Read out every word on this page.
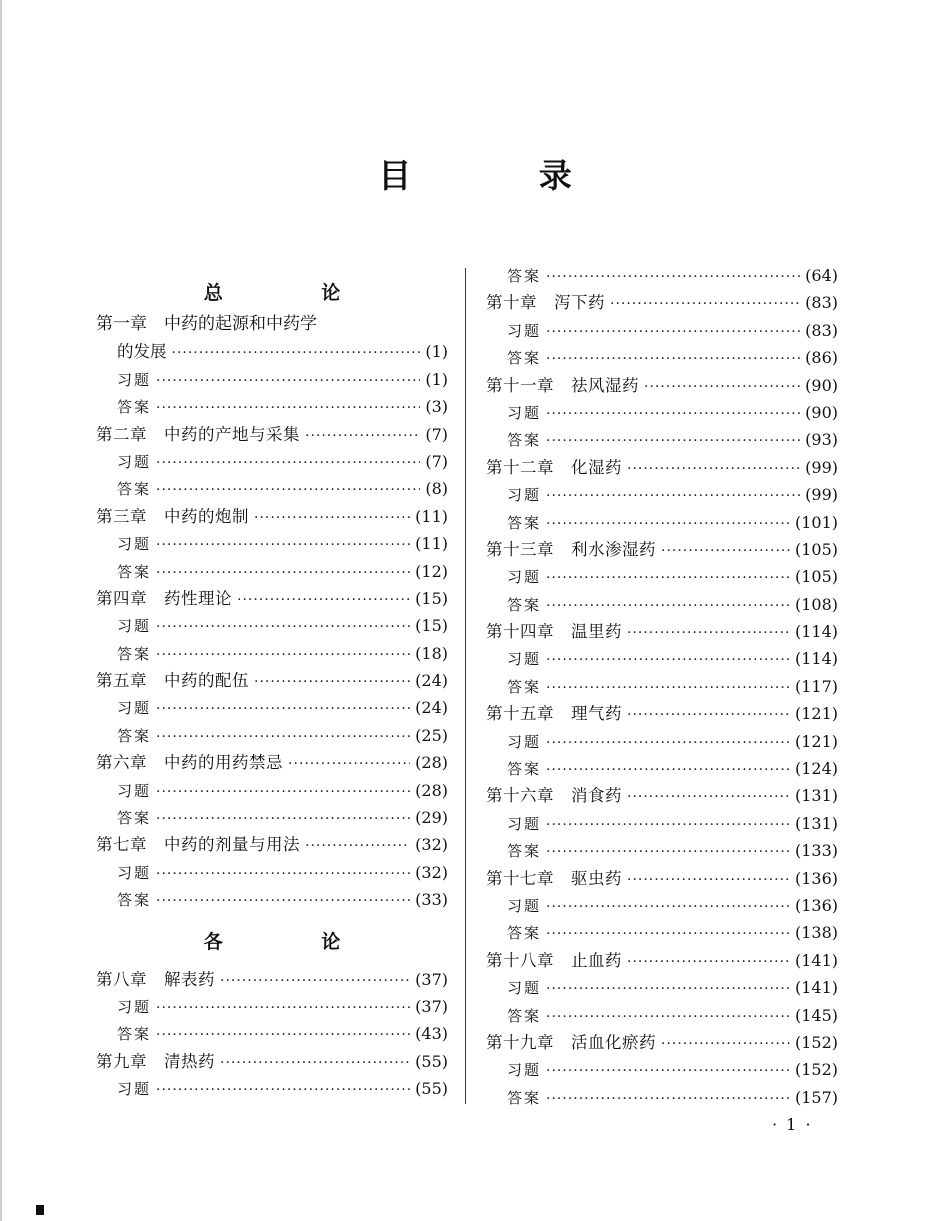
目 录
总 论
第一章　中药的起源和中药学
的发展 ·····	(1)
习题 ·····	(1)
答案 ·····	(3)
第二章　中药的产地与采集 ·····	(7)
习题 ·····	(7)
答案 ·····	(8)
第三章　中药的炮制 ·····	(11)
习题 ·····	(11)
答案 ·····	(12)
第四章　药性理论 ·····	(15)
习题 ·····	(15)
答案 ·····	(18)
第五章　中药的配伍 ·····	(24)
习题 ·····	(24)
答案 ·····	(25)
第六章　中药的用药禁忌 ·····	(28)
习题 ·····	(28)
答案 ·····	(29)
第七章　中药的剂量与用法 ·····	(32)
习题 ·····	(32)
答案 ·····	(33)
各 论
第八章　解表药 ·····	(37)
习题 ·····	(37)
答案 ·····	(43)
第九章　清热药 ·····	(55)
习题 ·····	(55)
答案 ·····	(64)
第十章　泻下药 ·····	(83)
习题 ·····	(83)
答案 ·····	(86)
第十一章　祛风湿药 ·····	(90)
习题 ·····	(90)
答案 ·····	(93)
第十二章　化湿药 ·····	(99)
习题 ·····	(99)
答案 ·····	(101)
第十三章　利水渗湿药 ·····	(105)
习题 ·····	(105)
答案 ·····	(108)
第十四章　温里药 ·····	(114)
习题 ·····	(114)
答案 ·····	(117)
第十五章　理气药 ·····	(121)
习题 ·····	(121)
答案 ·····	(124)
第十六章　消食药 ·····	(131)
习题 ·····	(131)
答案 ·····	(133)
第十七章　驱虫药 ·····	(136)
习题 ·····	(136)
答案 ·····	(138)
第十八章　止血药 ·····	(141)
习题 ·····	(141)
答案 ·····	(145)
第十九章　活血化瘀药 ·····	(152)
习题 ·····	(152)
答案 ·····	(157)
· 1 ·
